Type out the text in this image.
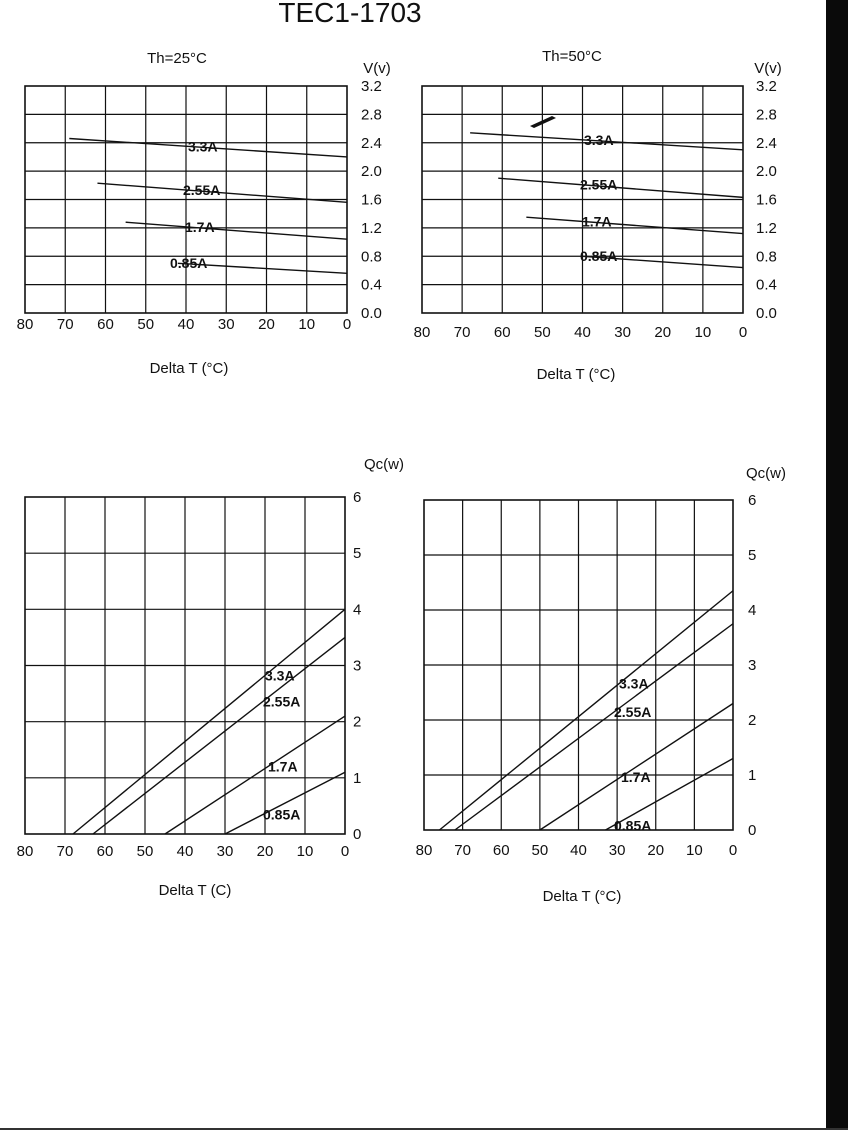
TEC1-1703
80 70 60 50 40 30 20 10 0
0.0
0.4
0.8
1.2
1.6
2.0
2.4
2.8
3.2
Th=25°C
V(v)
Delta T (°C)
3.3A
2.55A
1.7A
0.85A
80 70 60 50 40 30 20 10 0
0.0
0.4
0.8
1.2
1.6
2.0
2.4
2.8
3.2
Th=50°C
V(v)
Delta T (°C)
3.3A
2.55A
1.7A
0.85A
80 70 60 50 40 30 20 10 0
0
1
2
3
4
5
6
Qc(w)
Delta T (C)
3.3A
2.55A
1.7A
0.85A
80 70 60 50 40 30 20 10 0
0
1
2
3
4
5
6
Qc(w)
Delta T (°C)
3.3A
2.55A
1.7A
0.85A
